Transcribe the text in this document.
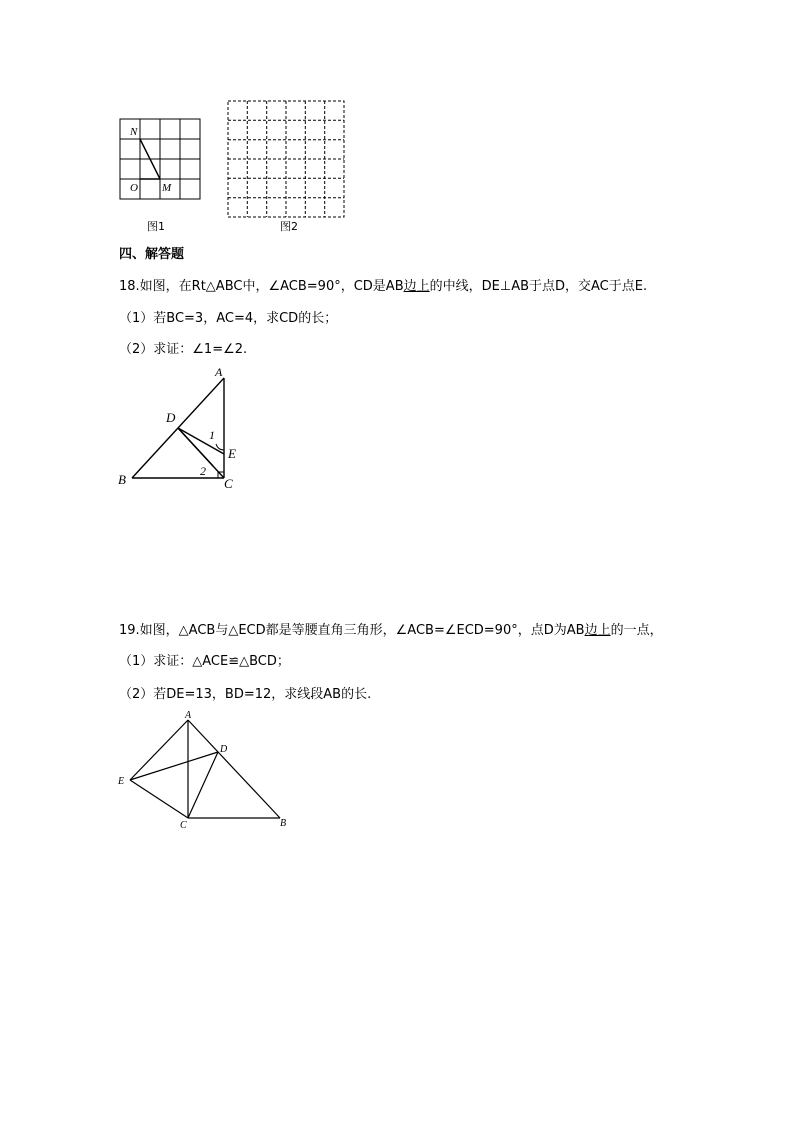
N
O M
图1	图2
四、解答题
18.如图，在Rt△ABC中，∠ACB=90°，CD是AB边上的中线，DE⊥AB于点D，交AC于点E.
（1）若BC=3，AC=4，求CD的长；
（2）求证：∠1=∠2.
A
D
1
E
2
B	C
19.如图，△ACB与△ECD都是等腰直角三角形，∠ACB=∠ECD=90°，点D为AB边上的一点，
（1）求证：△ACE≌△BCD；
（2）若DE=13，BD=12，求线段AB的长.
A
D
E
C	B
